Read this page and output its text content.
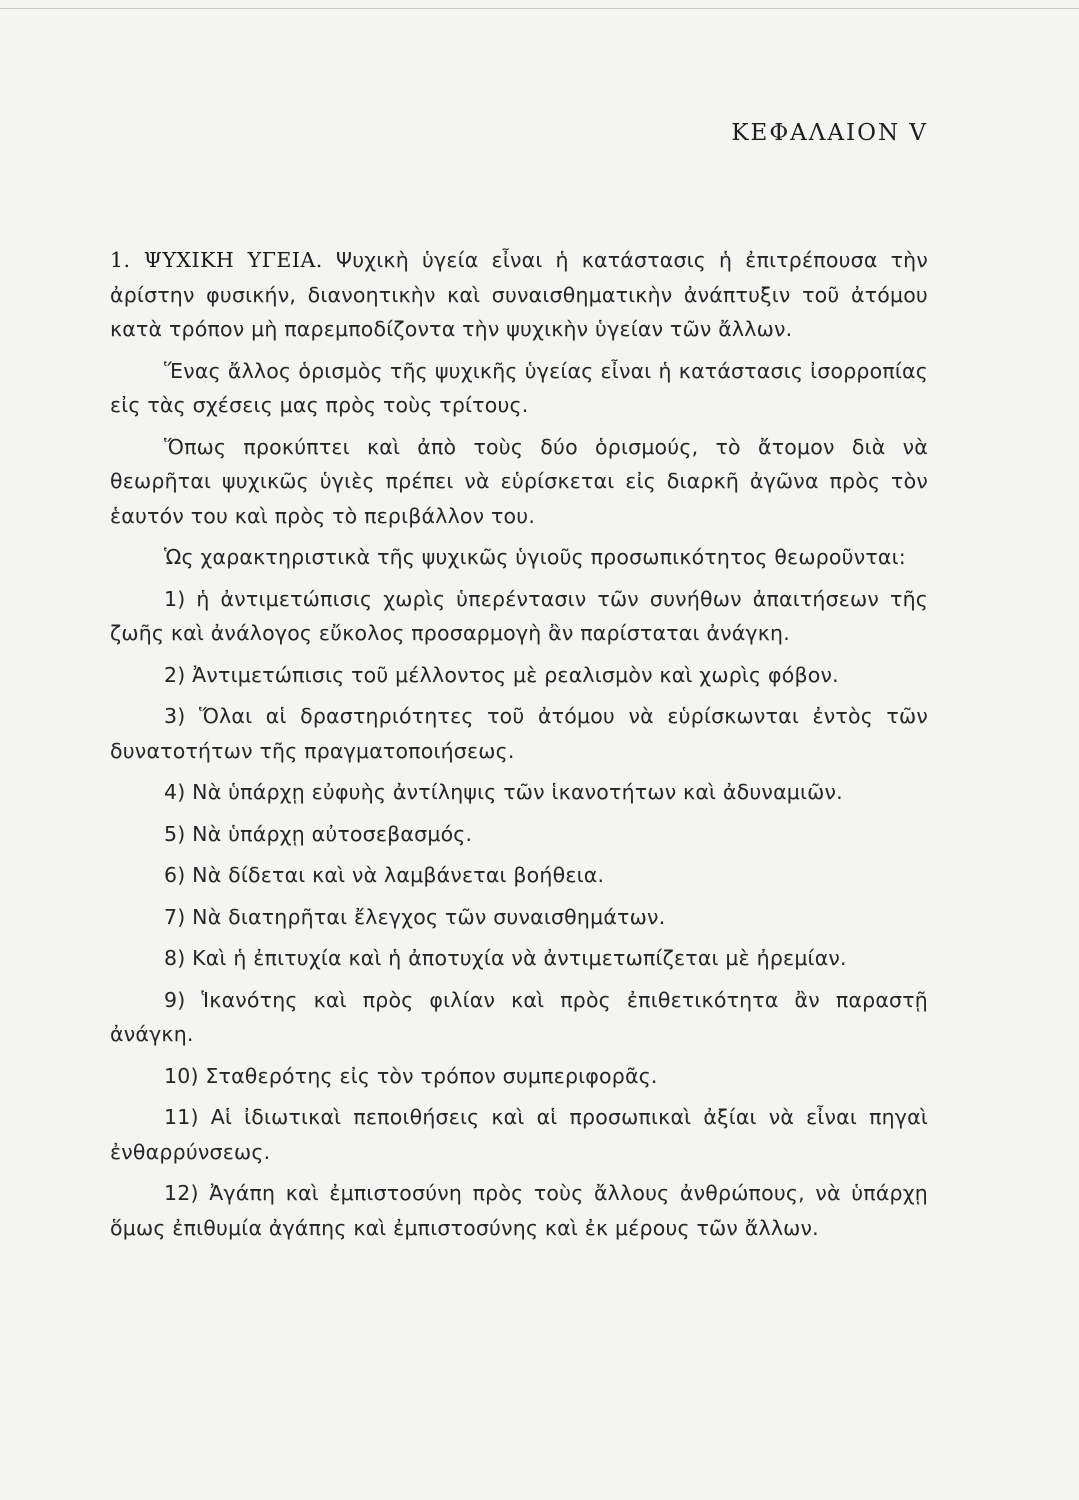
ΚΕΦΑΛΑΙΟΝ V

1. ΨΥΧΙΚΗ ΥΓΕΙΑ. Ψυχικὴ ὑγεία εἶναι ἡ κατάστασις ἡ ἐπιτρέπουσα τὴν ἀρίστην φυσικήν, διανοητικὴν καὶ συναισθηματικὴν ἀνάπτυξιν τοῦ ἀτόμου κατὰ τρόπον μὴ παρεμποδίζοντα τὴν ψυχικὴν ὑγείαν τῶν ἄλλων.

Ἕνας ἄλλος ὁρισμὸς τῆς ψυχικῆς ὑγείας εἶναι ἡ κατάστασις ἰσορροπίας εἰς τὰς σχέσεις μας πρὸς τοὺς τρίτους.

Ὅπως προκύπτει καὶ ἀπὸ τοὺς δύο ὁρισμούς, τὸ ἄτομον διὰ νὰ θεωρῆται ψυχικῶς ὑγιὲς πρέπει νὰ εὑρίσκεται εἰς διαρκῆ ἀγῶνα πρὸς τὸν ἑαυτόν του καὶ πρὸς τὸ περιβάλλον του.

Ὡς χαρακτηριστικὰ τῆς ψυχικῶς ὑγιοῦς προσωπικότητος θεωροῦνται:

1) ἡ ἀντιμετώπισις χωρὶς ὑπερέντασιν τῶν συνήθων ἀπαιτήσεων τῆς ζωῆς καὶ ἀνάλογος εὔκολος προσαρμογὴ ἂν παρίσταται ἀνάγκη.

2) Ἀντιμετώπισις τοῦ μέλλοντος μὲ ρεαλισμὸν καὶ χωρὶς φόβον.

3) Ὅλαι αἱ δραστηριότητες τοῦ ἀτόμου νὰ εὑρίσκωνται ἐντὸς τῶν δυνατοτήτων τῆς πραγματοποιήσεως.

4) Νὰ ὑπάρχῃ εὐφυὴς ἀντίληψις τῶν ἱκανοτήτων καὶ ἀδυναμιῶν.

5) Νὰ ὑπάρχῃ αὐτοσεβασμός.

6) Νὰ δίδεται καὶ νὰ λαμβάνεται βοήθεια.

7) Νὰ διατηρῆται ἔλεγχος τῶν συναισθημάτων.

8) Καὶ ἡ ἐπιτυχία καὶ ἡ ἀποτυχία νὰ ἀντιμετωπίζεται μὲ ἠρεμίαν.

9) Ἱκανότης καὶ πρὸς φιλίαν καὶ πρὸς ἐπιθετικότητα ἂν παραστῇ ἀνάγκη.

10) Σταθερότης εἰς τὸν τρόπον συμπεριφορᾶς.

11) Αἱ ἰδιωτικαὶ πεποιθήσεις καὶ αἱ προσωπικαὶ ἀξίαι νὰ εἶναι πηγαὶ ἐνθαρρύνσεως.

12) Ἀγάπη καὶ ἐμπιστοσύνη πρὸς τοὺς ἄλλους ἀνθρώπους, νὰ ὑπάρχῃ ὅμως ἐπιθυμία ἀγάπης καὶ ἐμπιστοσύνης καὶ ἐκ μέρους τῶν ἄλλων.
